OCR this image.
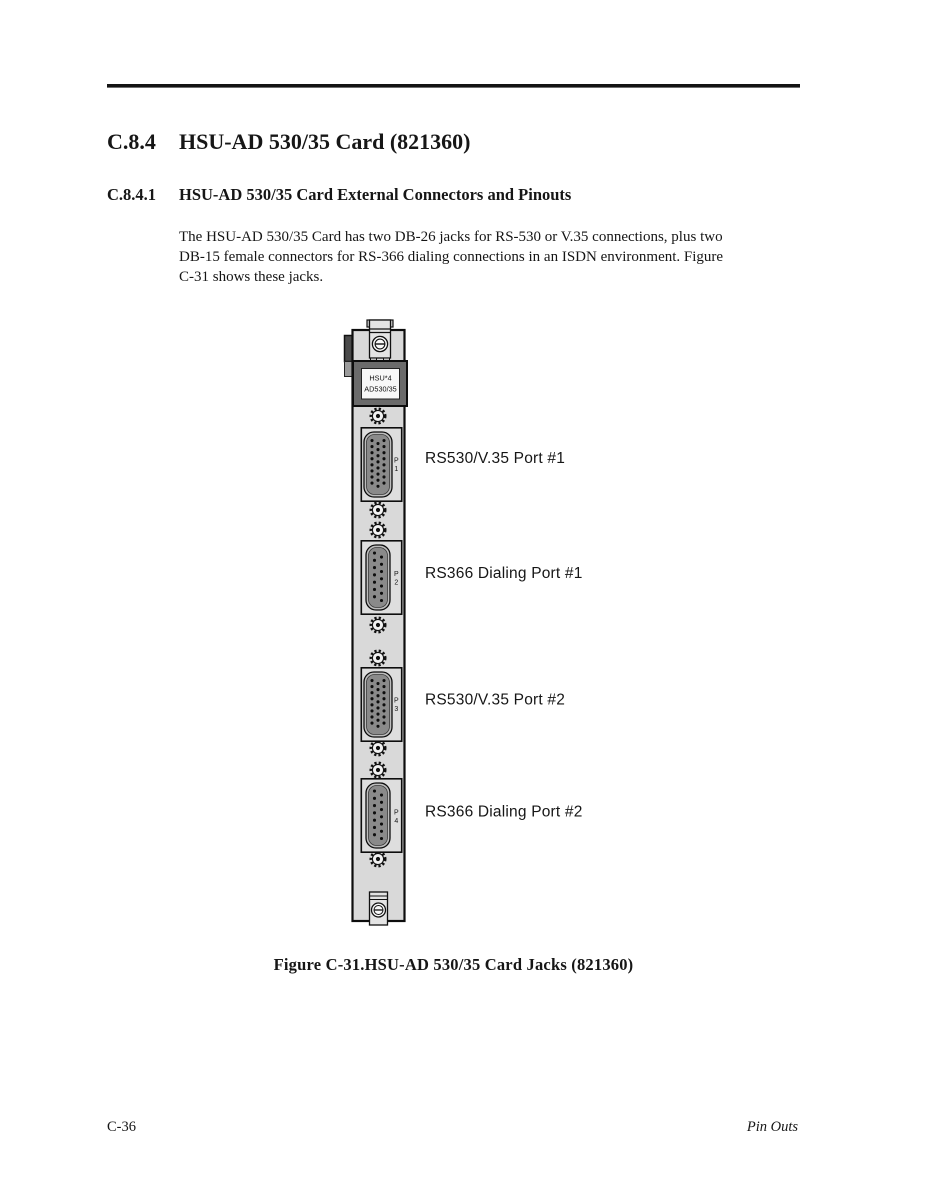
C.8.4 HSU-AD 530/35 Card (821360)
C.8.4.1 HSU-AD 530/35 Card External Connectors and Pinouts
The HSU-AD 530/35 Card has two DB-26 jacks for RS-530 or V.35 connections, plus two
DB-15 female connectors for RS-366 dialing connections in an ISDN environment. Figure
C-31 shows these jacks.
HSU*4
AD530/35
P
1
P
2
P
3
P
4
RS530/V.35 Port #1
RS366 Dialing Port #1
RS530/V.35 Port #2
RS366 Dialing Port #2
Figure C-31.HSU-AD 530/35 Card Jacks (821360)
C-36	Pin Outs
